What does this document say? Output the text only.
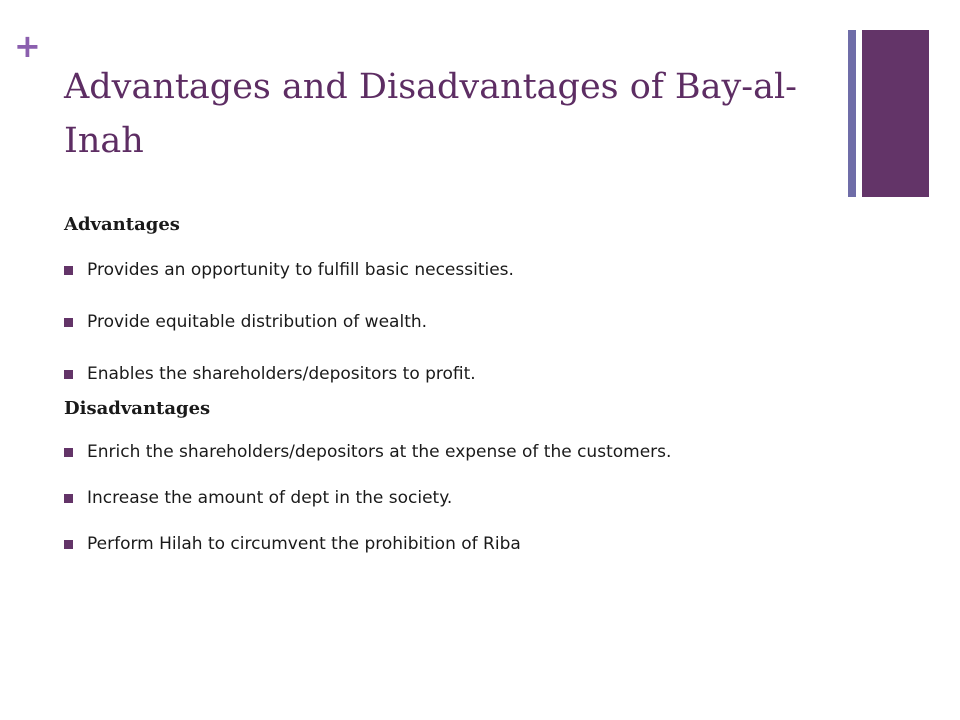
+
Advantages and Disadvantages of Bay-al-Inah
Advantages
Provides an opportunity to fulfill basic necessities.
Provide equitable distribution of wealth.
Enables the shareholders/depositors to profit.
Disadvantages
Enrich the shareholders/depositors at the expense of the customers.
Increase the amount of dept in the society.
Perform Hilah to circumvent the prohibition of Riba
